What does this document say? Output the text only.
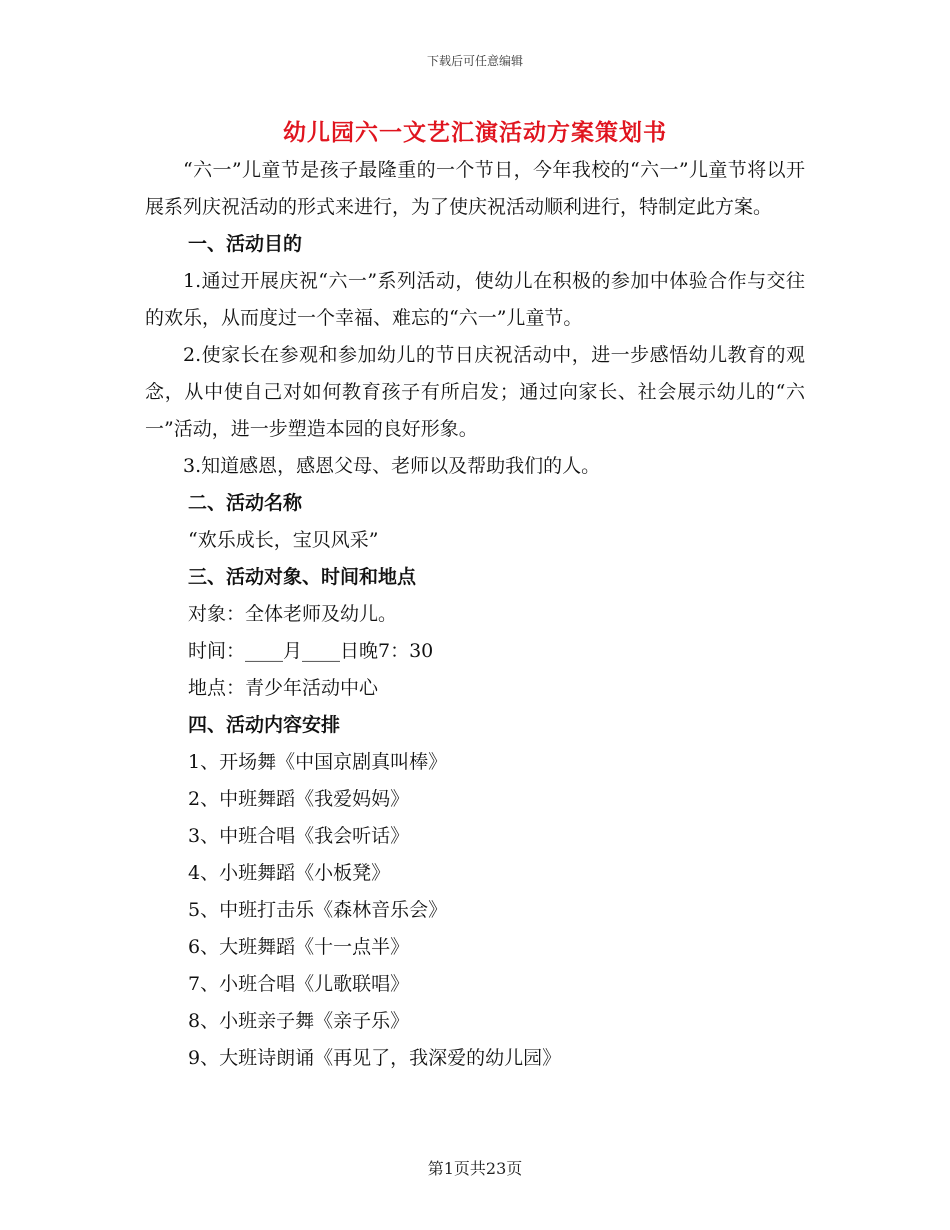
下载后可任意编辑
幼儿园六一文艺汇演活动方案策划书

“六一”儿童节是孩子最隆重的一个节日，今年我校的“六一”儿童节将以开展系列庆祝活动的形式来进行，为了使庆祝活动顺利进行，特制定此方案。

一、活动目的

1.通过开展庆祝“六一”系列活动，使幼儿在积极的参加中体验合作与交往的欢乐，从而度过一个幸福、难忘的“六一”儿童节。

2.使家长在参观和参加幼儿的节日庆祝活动中，进一步感悟幼儿教育的观念，从中使自己对如何教育孩子有所启发；通过向家长、社会展示幼儿的“六一”活动，进一步塑造本园的良好形象。

3.知道感恩，感恩父母、老师以及帮助我们的人。

二、活动名称

“欢乐成长，宝贝风采”

三、活动对象、时间和地点

对象：全体老师及幼儿。

时间：____月____日晚7：30

地点：青少年活动中心

四、活动内容安排

1、开场舞《中国京剧真叫棒》

2、中班舞蹈《我爱妈妈》

3、中班合唱《我会听话》

4、小班舞蹈《小板凳》

5、中班打击乐《森林音乐会》

6、大班舞蹈《十一点半》

7、小班合唱《儿歌联唱》

8、小班亲子舞《亲子乐》

9、大班诗朗诵《再见了，我深爱的幼儿园》

第1页共23页
